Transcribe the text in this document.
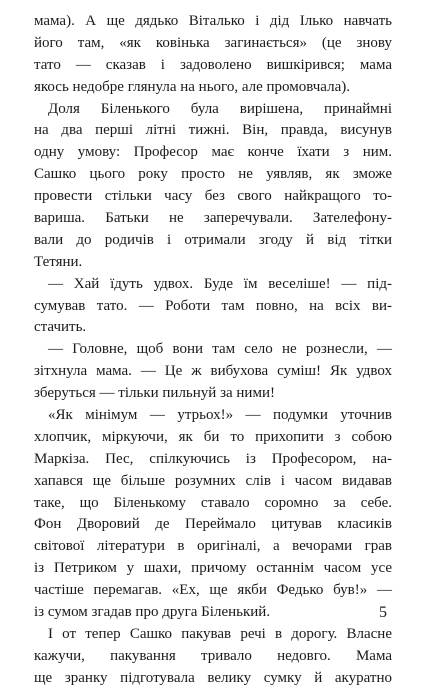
мама). А ще дядько Віталько і дід Ілько навчать
його там, «як ковінька загинається» (це знову
тато — сказав і задоволено вишкірився; мама
якось недобре глянула на нього, але промовчала).
Доля Біленького була вирішена, принаймні
на два перші літні тижні. Він, правда, висунув
одну умову: Професор має конче їхати з ним.
Сашко цього року просто не уявляв, як зможе
провести стільки часу без свого найкращого то-
вариша. Батьки не заперечували. Зателефону-
вали до родичів і отримали згоду й від тітки
Тетяни.
— Хай їдуть удвох. Буде їм веселіше! — під-
сумував тато. — Роботи там повно, на всіх ви-
стачить.
— Головне, щоб вони там село не рознесли, —
зітхнула мама. — Це ж вибухова суміш! Як удвох
зберуться — тільки пильнуй за ними!
«Як мінімум — утрьох!» — подумки уточнив
хлопчик, міркуючи, як би то прихопити з собою
Маркіза. Пес, спілкуючись із Професором, на-
хапався ще більше розумних слів і часом видавав
таке, що Біленькому ставало соромно за себе.
Фон Дворовий де Переймало цитував класиків
світової літератури в оригіналі, а вечорами грав
із Петриком у шахи, причому останнім часом усе
частіше перемагав. «Ех, ще якби Федько був!» —
із сумом згадав про друга Біленький.
І от тепер Сашко пакував речі в дорогу. Власне
кажучи, пакування тривало недовго. Мама
ще зранку підготувала велику сумку й акуратно
5
